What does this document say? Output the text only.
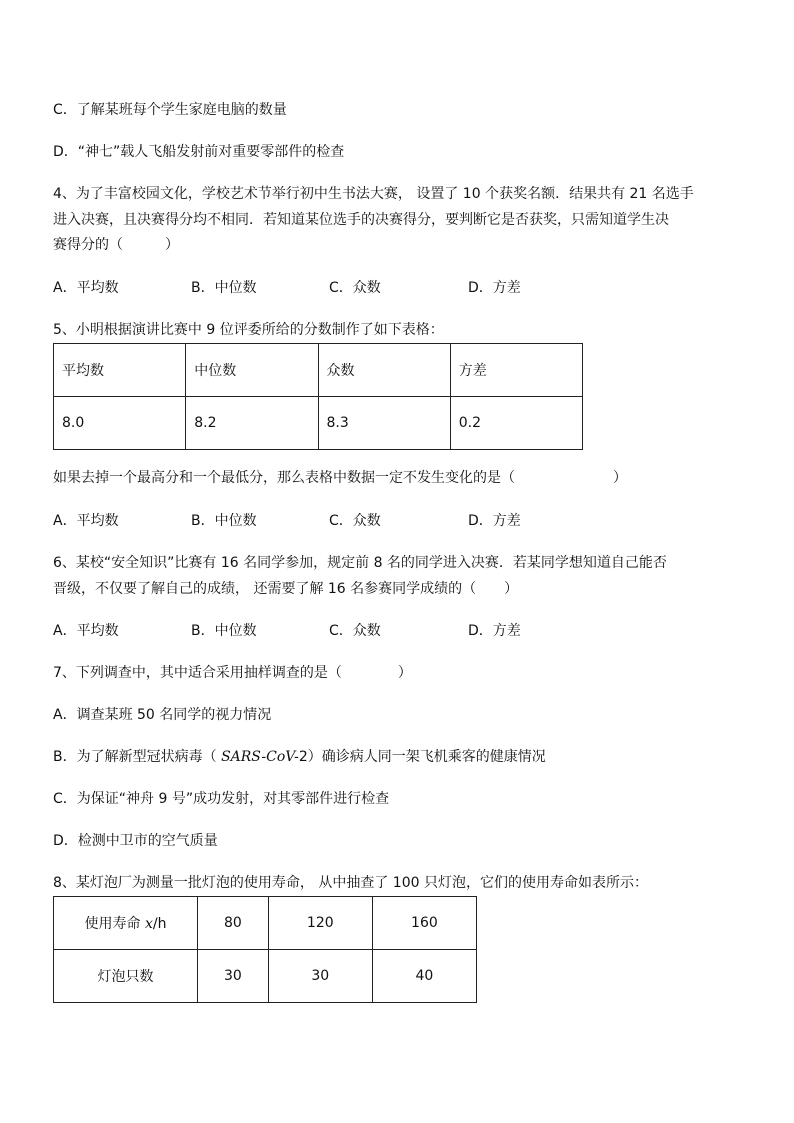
C．了解某班每个学生家庭电脑的数量
D．“神七”载人飞船发射前对重要零部件的检查
4、为了丰富校园文化，学校艺术节举行初中生书法大赛， 设置了 10 个获奖名额．结果共有 21 名选手
进入决赛，且决赛得分均不相同．若知道某位选手的决赛得分，要判断它是否获奖，只需知道学生决
赛得分的（　　　）
A．平均数	B．中位数	C．众数	D．方差
5、小明根据演讲比赛中 9 位评委所给的分数制作了如下表格：
平均数	中位数	众数	方差
8.0	8.2	8.3	0.2
如果去掉一个最高分和一个最低分，那么表格中数据一定不发生变化的是（　　　　　　　）
A．平均数	B．中位数	C．众数	D．方差
6、某校“安全知识”比赛有 16 名同学参加，规定前 8 名的同学进入决赛．若某同学想知道自己能否
晋级，不仅要了解自己的成绩， 还需要了解 16 名参赛同学成绩的（　　）
A．平均数	B．中位数	C．众数	D．方差
7、下列调查中，其中适合采用抽样调查的是（　　　　）
A．调查某班 50 名同学的视力情况
B．为了解新型冠状病毒（ SARS-CoV-2）确诊病人同一架飞机乘客的健康情况
C．为保证“神舟 9 号”成功发射，对其零部件进行检查
D．检测中卫市的空气质量
8、某灯泡厂为测量一批灯泡的使用寿命， 从中抽查了 100 只灯泡，它们的使用寿命如表所示：
使用寿命 x/h	80	120	160
灯泡只数	30	30	40
